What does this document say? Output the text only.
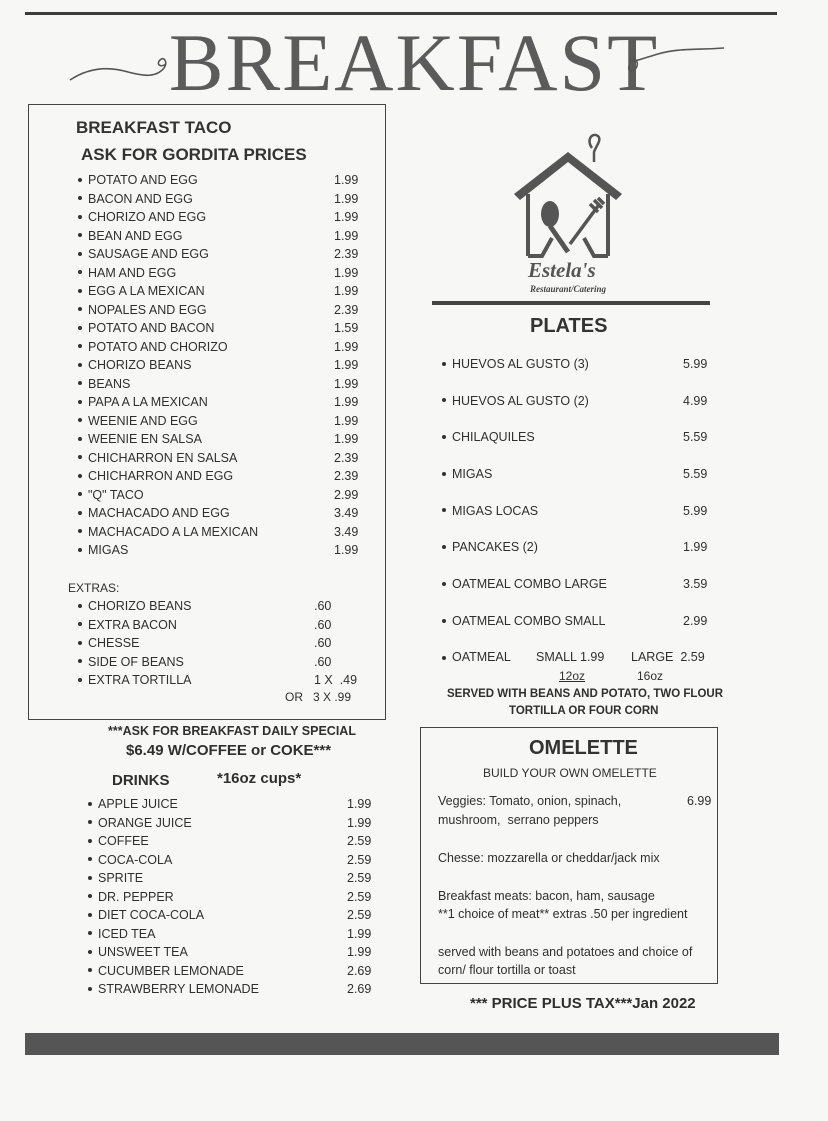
BREAKFAST
BREAKFAST TACO
ASK FOR GORDITA PRICES
POTATO AND EGG	1.99
BACON AND EGG	1.99
CHORIZO AND EGG	1.99
BEAN AND EGG	1.99
SAUSAGE AND EGG	2.39
HAM AND EGG	1.99
EGG A LA MEXICAN	1.99
NOPALES AND EGG	2.39
POTATO AND BACON	1.59
POTATO AND CHORIZO	1.99
CHORIZO BEANS	1.99
BEANS	1.99
PAPA A LA MEXICAN	1.99
WEENIE AND EGG	1.99
WEENIE EN SALSA	1.99
CHICHARRON EN SALSA	2.39
CHICHARRON AND EGG	2.39
"Q" TACO	2.99
MACHACADO AND EGG	3.49
MACHACADO A LA MEXICAN	3.49
MIGAS	1.99
EXTRAS:
CHORIZO BEANS	.60
EXTRA BACON	.60
CHESSE	.60
SIDE OF BEANS	.60
EXTRA TORTILLA	1 X  .49
OR   3 X .99
***ASK FOR BREAKFAST DAILY SPECIAL
$6.49 W/COFFEE or COKE***
DRINKS	*16oz cups*
APPLE JUICE	1.99
ORANGE JUICE	1.99
COFFEE	2.59
COCA-COLA	2.59
SPRITE	2.59
DR. PEPPER	2.59
DIET COCA-COLA	2.59
ICED TEA	1.99
UNSWEET TEA	1.99
CUCUMBER LEMONADE	2.69
STRAWBERRY LEMONADE	2.69
Estela's
Restaurant/Catering
PLATES
HUEVOS AL GUSTO (3)	5.99
HUEVOS AL GUSTO (2)	4.99
CHILAQUILES	5.59
MIGAS	5.59
MIGAS LOCAS	5.99
PANCAKES (2)	1.99
OATMEAL COMBO LARGE	3.59
OATMEAL COMBO SMALL	2.99
OATMEAL SMALL 1.99 LARGE  2.59
12oz	16oz
SERVED WITH BEANS AND POTATO, TWO FLOUR
TORTILLA OR FOUR CORN
OMELETTE
BUILD YOUR OWN OMELETTE
Veggies: Tomato, onion, spinach,	6.99
mushroom,  serrano peppers
Chesse: mozzarella or cheddar/jack mix
Breakfast meats: bacon, ham, sausage
**1 choice of meat** extras .50 per ingredient
served with beans and potatoes and choice of
corn/ flour tortilla or toast
*** PRICE PLUS TAX***Jan 2022
